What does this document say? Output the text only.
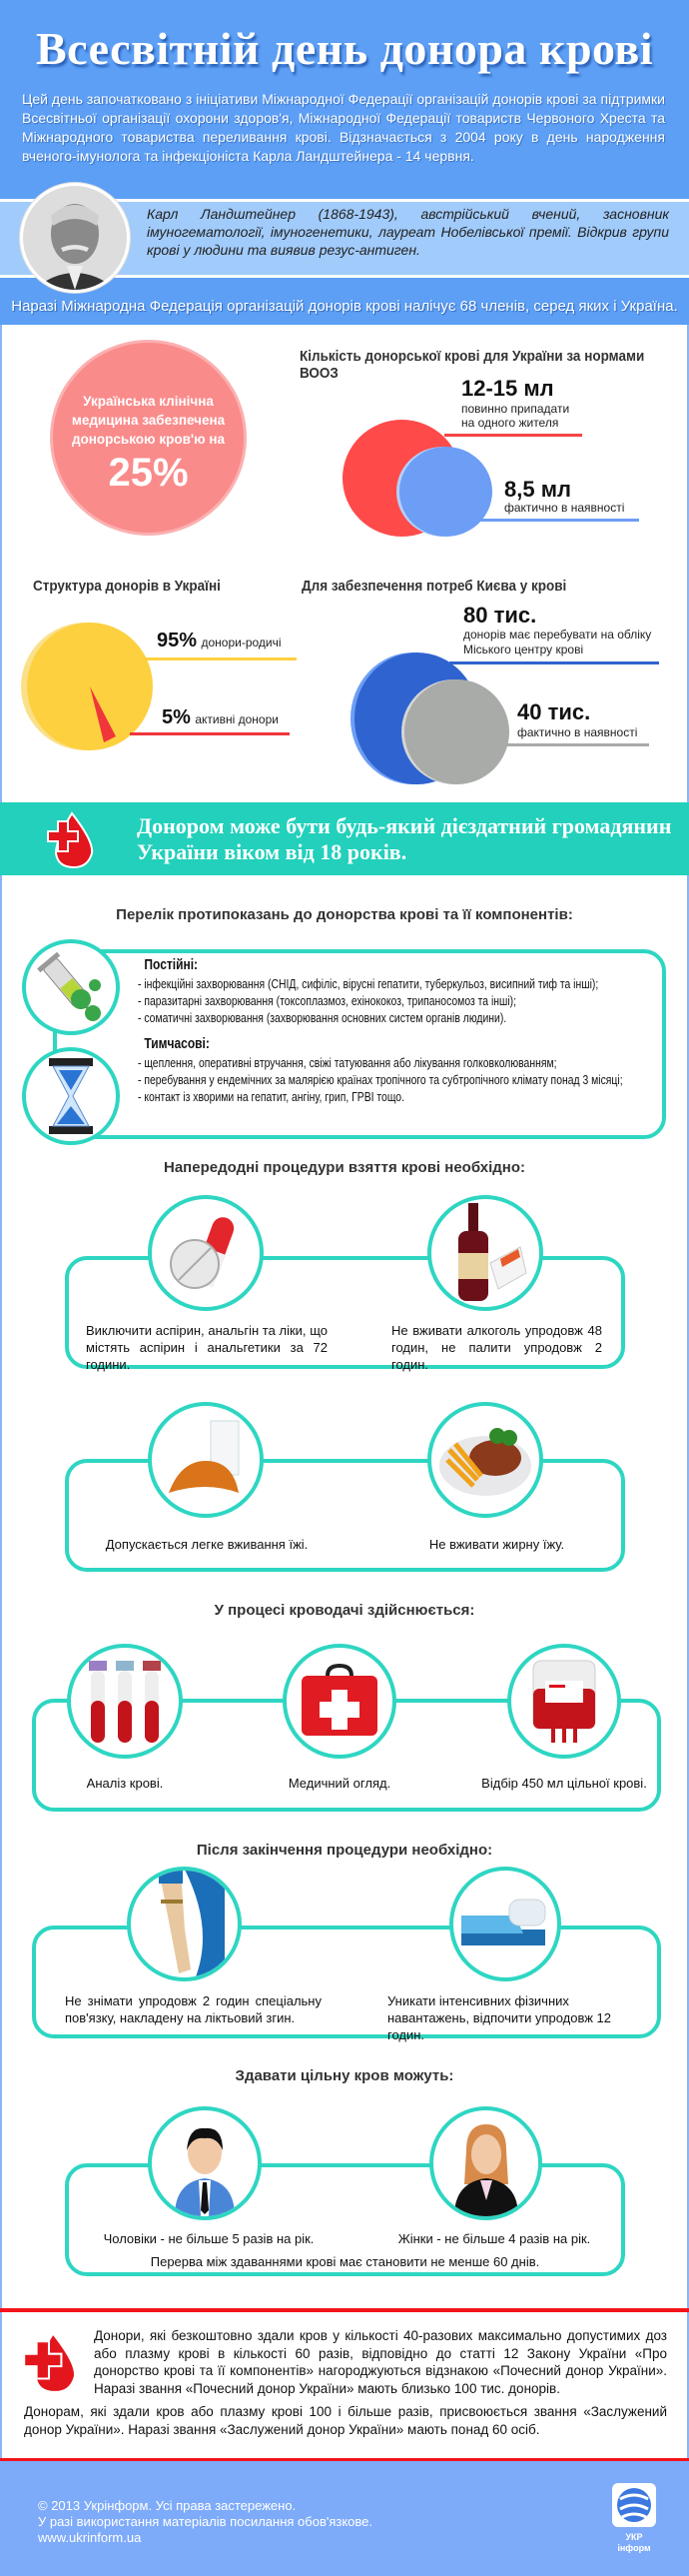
Всесвітній день донора крові

Цей день започатковано з ініціативи Міжнародної Федерації організацій донорів крові за підтримки Всесвітньої організації охорони здоров'я, Міжнародної Федерації товариств Червоного Хреста та Міжнародного товариства переливання крові. Відзначається з 2004 року в день народження вченого-імунолога та інфекціоніста Карла Ландштейнера - 14 червня.

Карл Ландштейнер (1868-1943), австрійський вчений, засновник імуногематології, імуногенетики, лауреат Нобелівської премії. Відкрив групи крові у людини та виявив резус-антиген.

Наразі Міжнародна Федерація організацій донорів крові налічує 68 членів, серед яких і Україна.

Українська клінічна
медицина забезпечена
донорською кров'ю на
25%
Кількість донорської крові для України за нормами ВООЗ
12-15 мл
повинно припадати
на одного жителя
8,5 мл
фактично в наявності
Структура донорів в Україні
95% донори-родичі
5% активні донори
Для забезпечення потреб Києва у крові
80 тис.
донорів має перебувати на обліку
Міського центру крові
40 тис.
фактично в наявності

Донором може бути будь-який дієздатний громадянин України віком від 18 років.

Перелік протипоказань до донорства крові та її компонентів:
Постійні:
- інфекційні захворювання (СНІД, сифіліс, вірусні гепатити, туберкульоз, висипний тиф та інші);
- паразитарні захворювання (токсоплазмоз, ехінококоз, трипаносомоз та інші);
- соматичні захворювання (захворювання основних систем органів людини).
Тимчасові:
- щеплення, оперативні втручання, свіжі татуювання або лікування голковколюванням;
- перебування у ендемічних за малярією країнах тропічного та субтропічного клімату понад 3 місяці;
- контакт із хворими на гепатит, ангіну, грип, ГРВІ тощо.
Напередодні процедури взяття крові необхідно:
Виключити аспірин, анальгін та ліки, що містять аспірин і анальгетики за 72 години.
Не вживати алкоголь упродовж 48 годин, не палити упродовж 2 годин.
Допускається легке вживання їжі.	Не вживати жирну їжу.
У процесі кроводачі здійснюється:
Аналіз крові.	Медичний огляд.	Відбір 450 мл цільної крові.
Після закінчення процедури необхідно:
Не знімати упродовж 2 годин спеціальну пов'язку, накладену на ліктьовий згин.
Уникати інтенсивних фізичних навантажень, відпочити упродовж 12 годин.
Здавати цільну кров можуть:
Чоловіки - не більше 5 разів на рік.	Жінки - не більше 4 разів на рік.
Перерва між здаваннями крові має становити не менше 60 днів.

Донори, які безкоштовно здали кров у кількості 40-разових максимально допустимих доз або плазму крові в кількості 60 разів, відповідно до статті 12 Закону України «Про донорство крові та її компонентів» нагороджуються відзнакою «Почесний донор України». Наразі звання «Почесний донор України» мають близько 100 тис. донорів.

Донорам, які здали кров або плазму крові 100 і більше разів, присвоюється звання «Заслужений донор України». Наразі звання «Заслужений донор України» мають понад 60 осіб.

© 2013 Укрінформ. Усі права застережено.
У разі використання матеріалів посилання обов'язкове.
www.ukrinform.ua	УКР інформ
